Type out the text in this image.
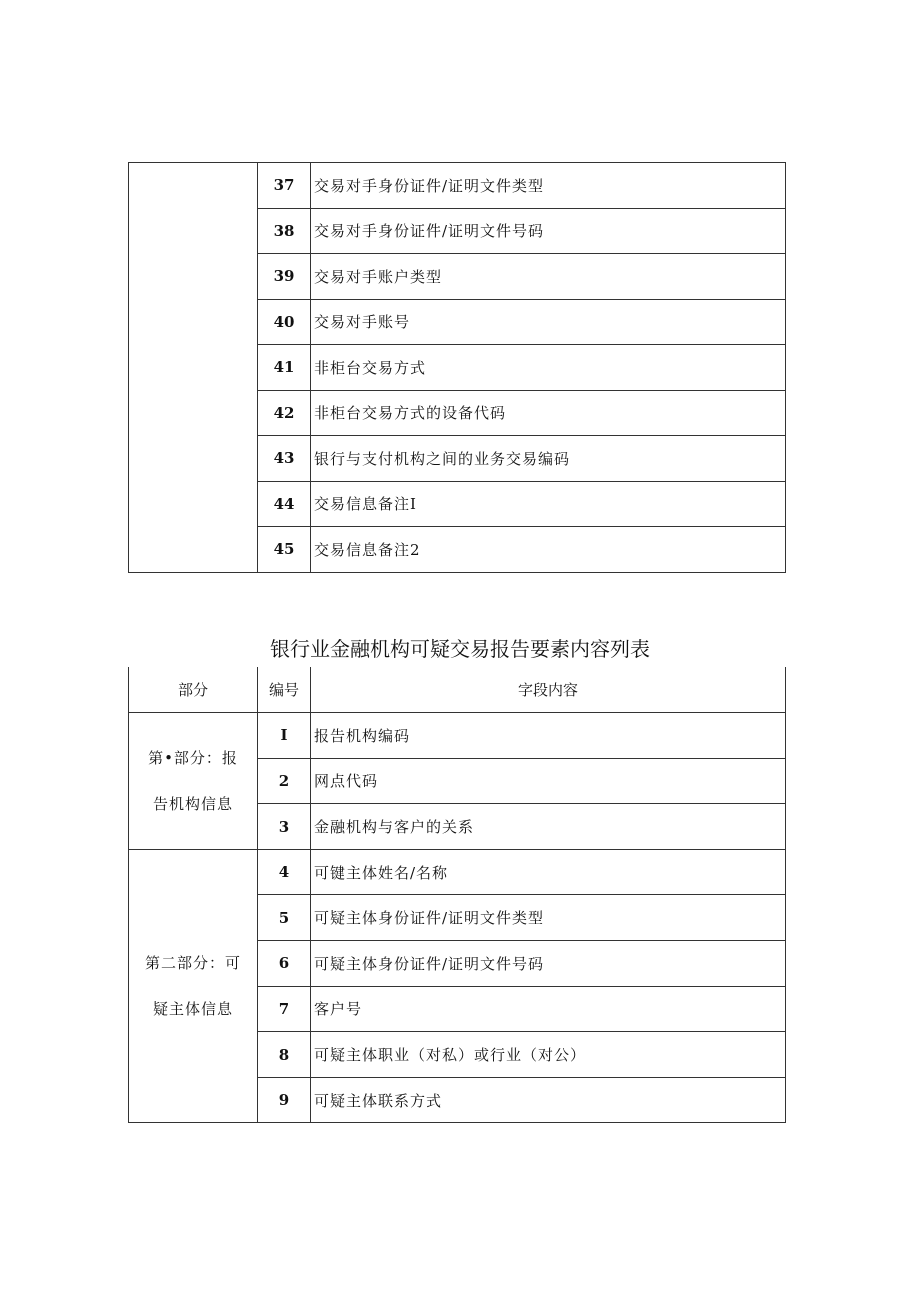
	37	交易对手身份证件/证明文件类型
	38	交易对手身份证件/证明文件号码
	39	交易对手账户类型
	40	交易对手账号
	41	非柜台交易方式
	42	非柜台交易方式的设备代码
	43	银行与支付机构之间的业务交易编码
	44	交易信息备注I
	45	交易信息备注2
银行业金融机构可疑交易报告要素内容列表
部分	编号	字段内容

第•部分：报
告机构信息	I	报告机构编码
	2	网点代码
	3	金融机构与客户的关系

第二部分：可
疑主体信息	4	可键主体姓名/名称
	5	可疑主体身份证件/证明文件类型
	6	可疑主体身份证件/证明文件号码
	7	客户号
	8	可疑主体职业（对私）或行业（对公）
	9	可疑主体联系方式
